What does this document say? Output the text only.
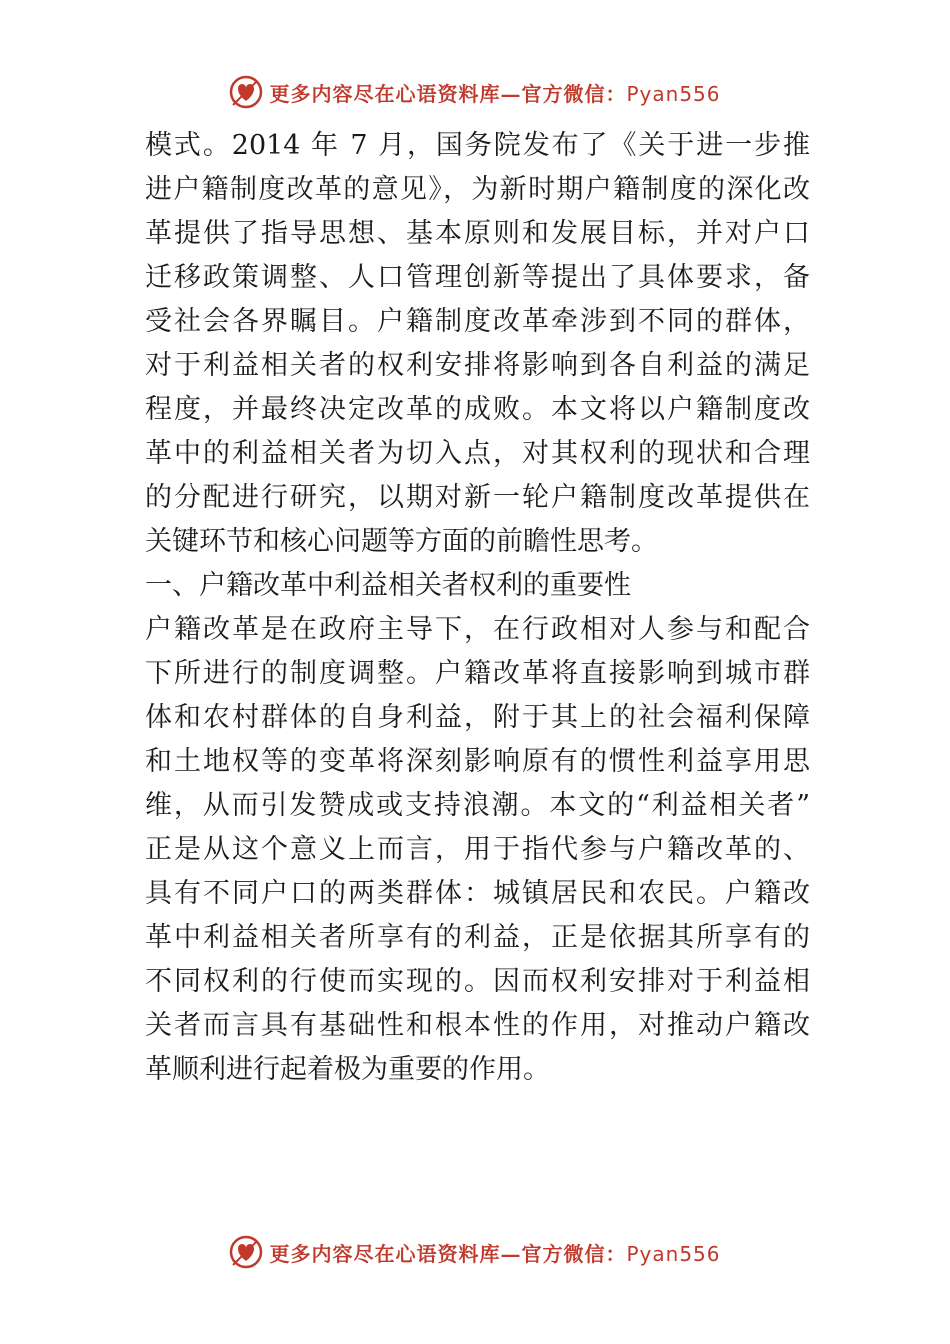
更多内容尽在心语资料库—官方微信：Pyan556
模式。2014 年 7 月，国务院发布了《关于进一步推
进户籍制度改革的意见》，为新时期户籍制度的深化改
革提供了指导思想、基本原则和发展目标，并对户口
迁移政策调整、人口管理创新等提出了具体要求，备
受社会各界瞩目。户籍制度改革牵涉到不同的群体，
对于利益相关者的权利安排将影响到各自利益的满足
程度，并最终决定改革的成败。本文将以户籍制度改
革中的利益相关者为切入点，对其权利的现状和合理
的分配进行研究，以期对新一轮户籍制度改革提供在
关键环节和核心问题等方面的前瞻性思考。
一、户籍改革中利益相关者权利的重要性
户籍改革是在政府主导下，在行政相对人参与和配合
下所进行的制度调整。户籍改革将直接影响到城市群
体和农村群体的自身利益，附于其上的社会福利保障
和土地权等的变革将深刻影响原有的惯性利益享用思
维，从而引发赞成或支持浪潮。本文的“利益相关者”
正是从这个意义上而言，用于指代参与户籍改革的、
具有不同户口的两类群体：城镇居民和农民。户籍改
革中利益相关者所享有的利益，正是依据其所享有的
不同权利的行使而实现的。因而权利安排对于利益相
关者而言具有基础性和根本性的作用，对推动户籍改
革顺利进行起着极为重要的作用。
更多内容尽在心语资料库—官方微信：Pyan556
